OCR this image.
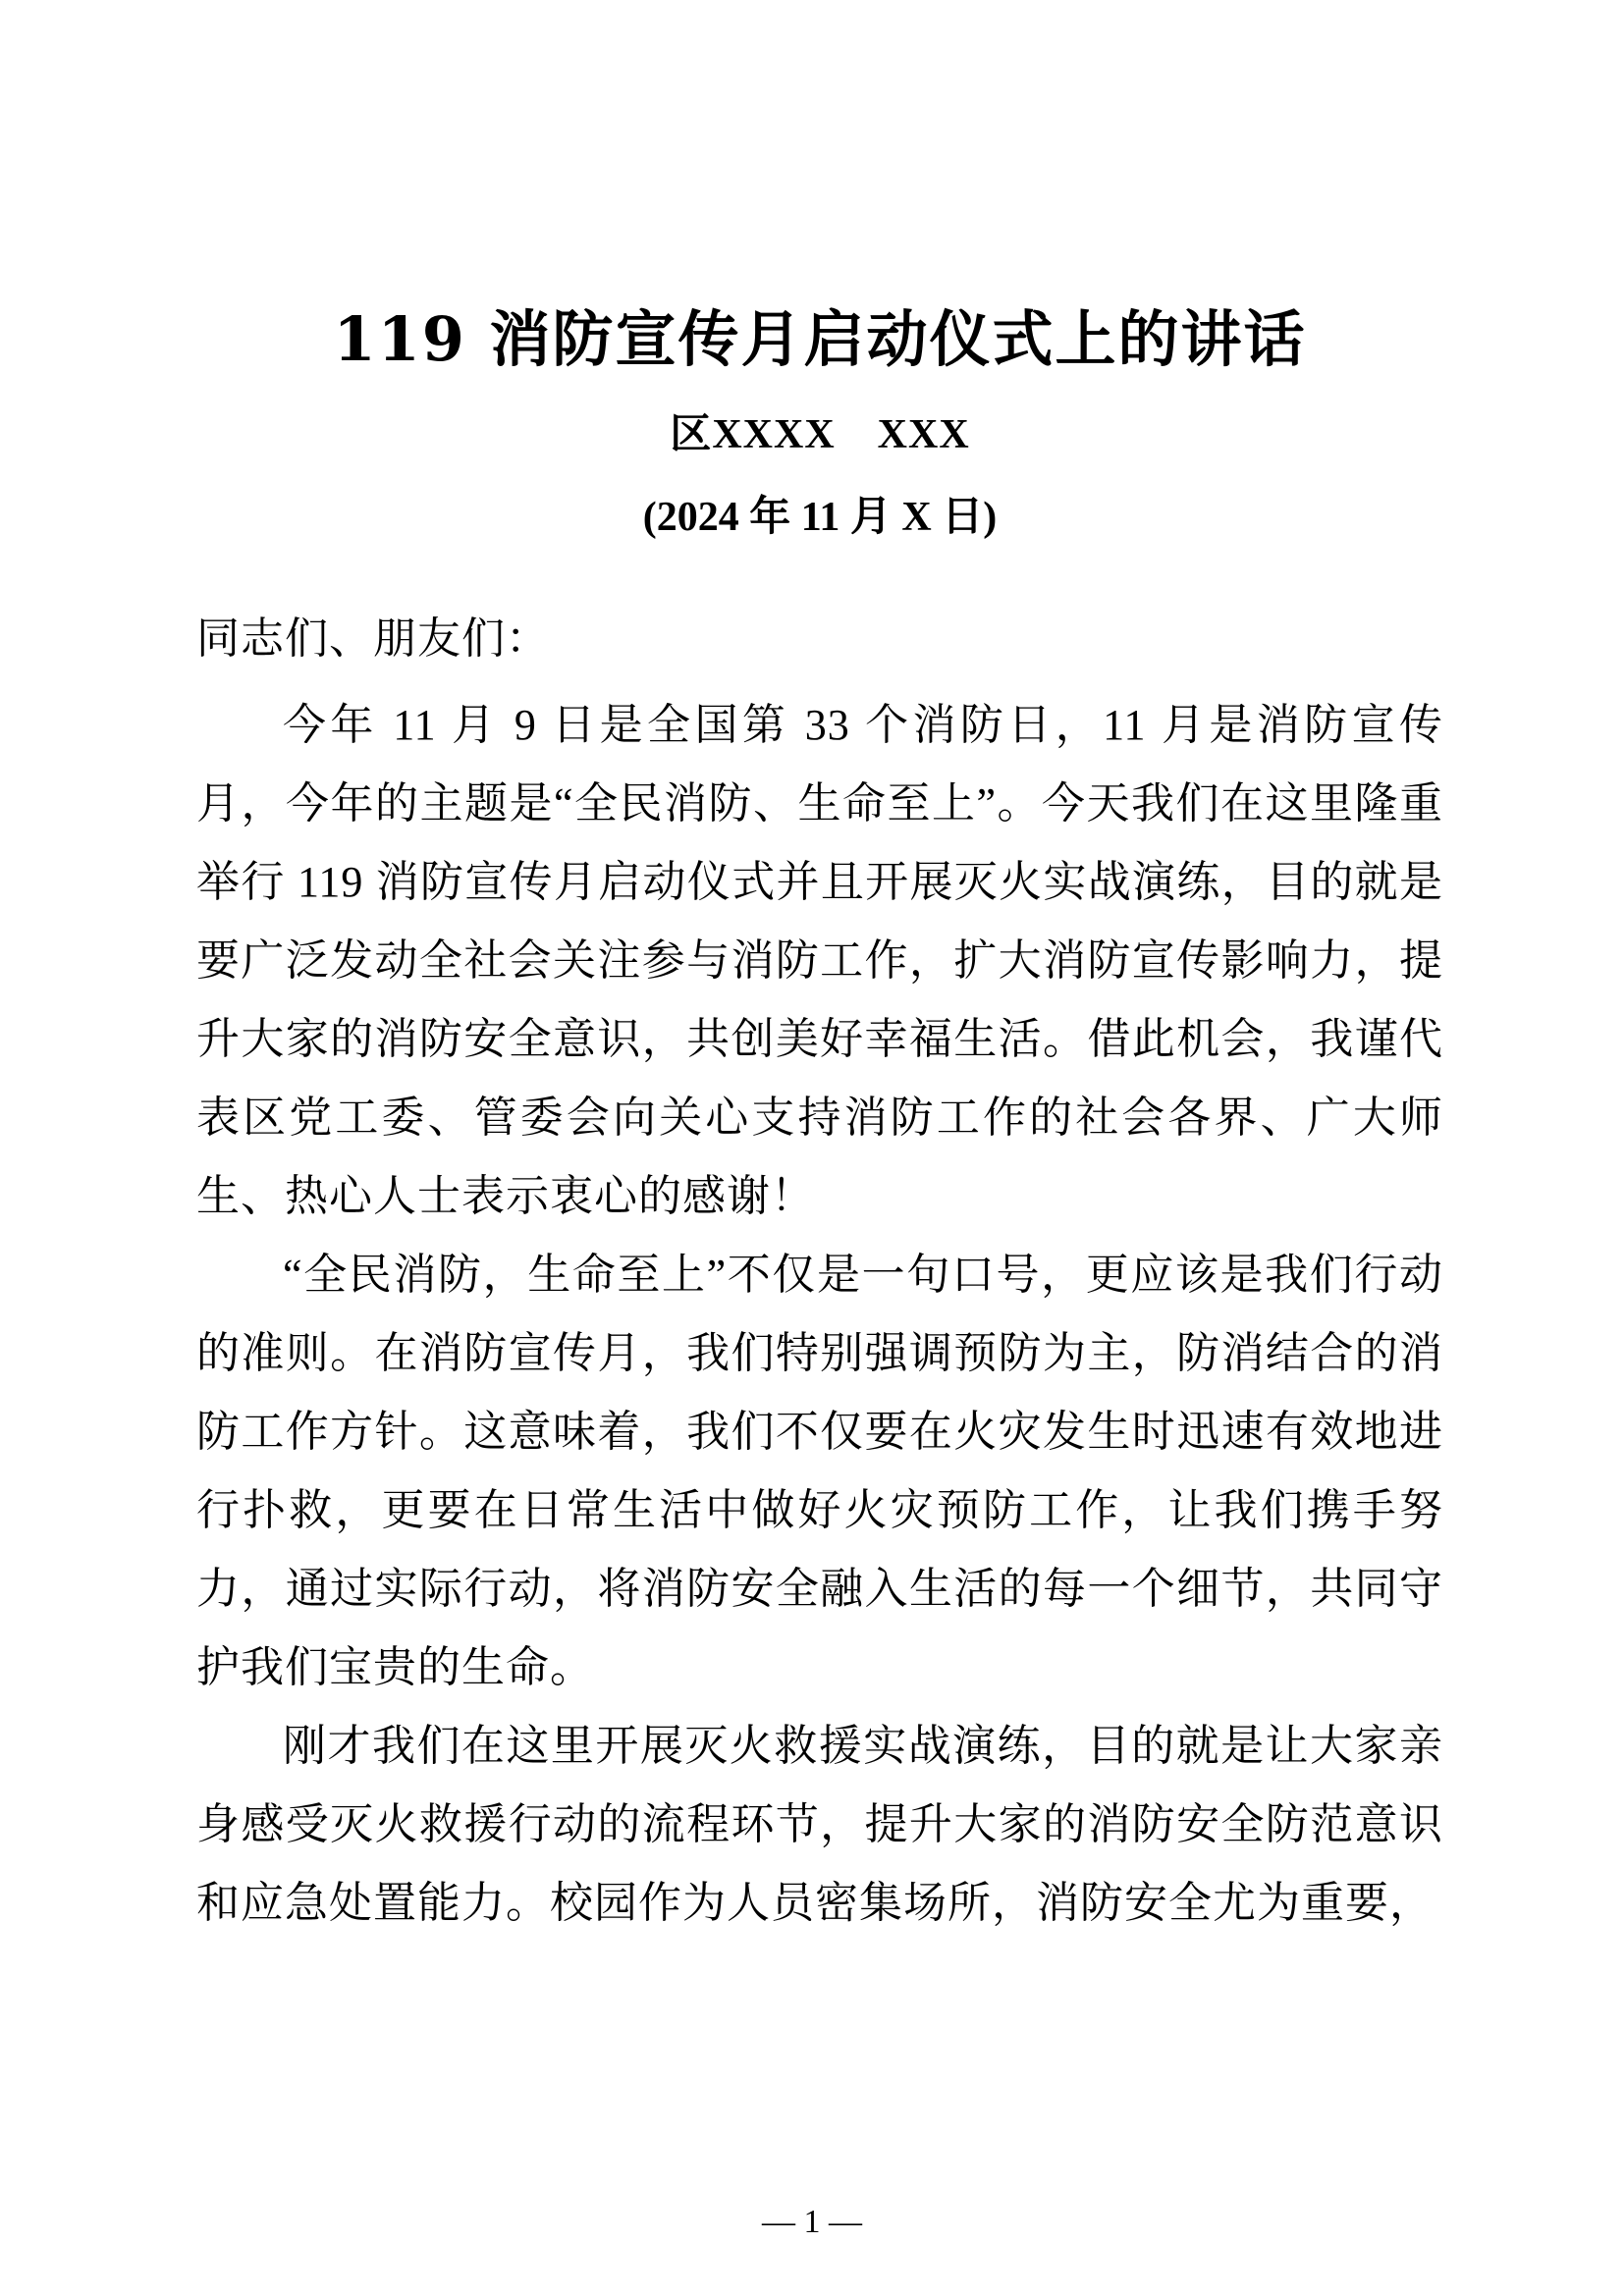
119 消防宣传月启动仪式上的讲话
区XXXX　XXX
(2024 年 11 月 X 日)

同志们、朋友们：

今年 11 月 9 日是全国第 33 个消防日，11 月是消防宣传月，今年的主题是“全民消防、生命至上”。今天我们在这里隆重举行 119 消防宣传月启动仪式并且开展灭火实战演练，目的就是要广泛发动全社会关注参与消防工作，扩大消防宣传影响力，提升大家的消防安全意识，共创美好幸福生活。借此机会，我谨代表区党工委、管委会向关心支持消防工作的社会各界、广大师生、热心人士表示衷心的感谢！

“全民消防，生命至上”不仅是一句口号，更应该是我们行动的准则。在消防宣传月，我们特别强调预防为主，防消结合的消防工作方针。这意味着，我们不仅要在火灾发生时迅速有效地进行扑救，更要在日常生活中做好火灾预防工作，让我们携手努力，通过实际行动，将消防安全融入生活的每一个细节，共同守护我们宝贵的生命。

刚才我们在这里开展灭火救援实战演练，目的就是让大家亲身感受灭火救援行动的流程环节，提升大家的消防安全防范意识和应急处置能力。校园作为人员密集场所，消防安全尤为重要，

— 1 —
